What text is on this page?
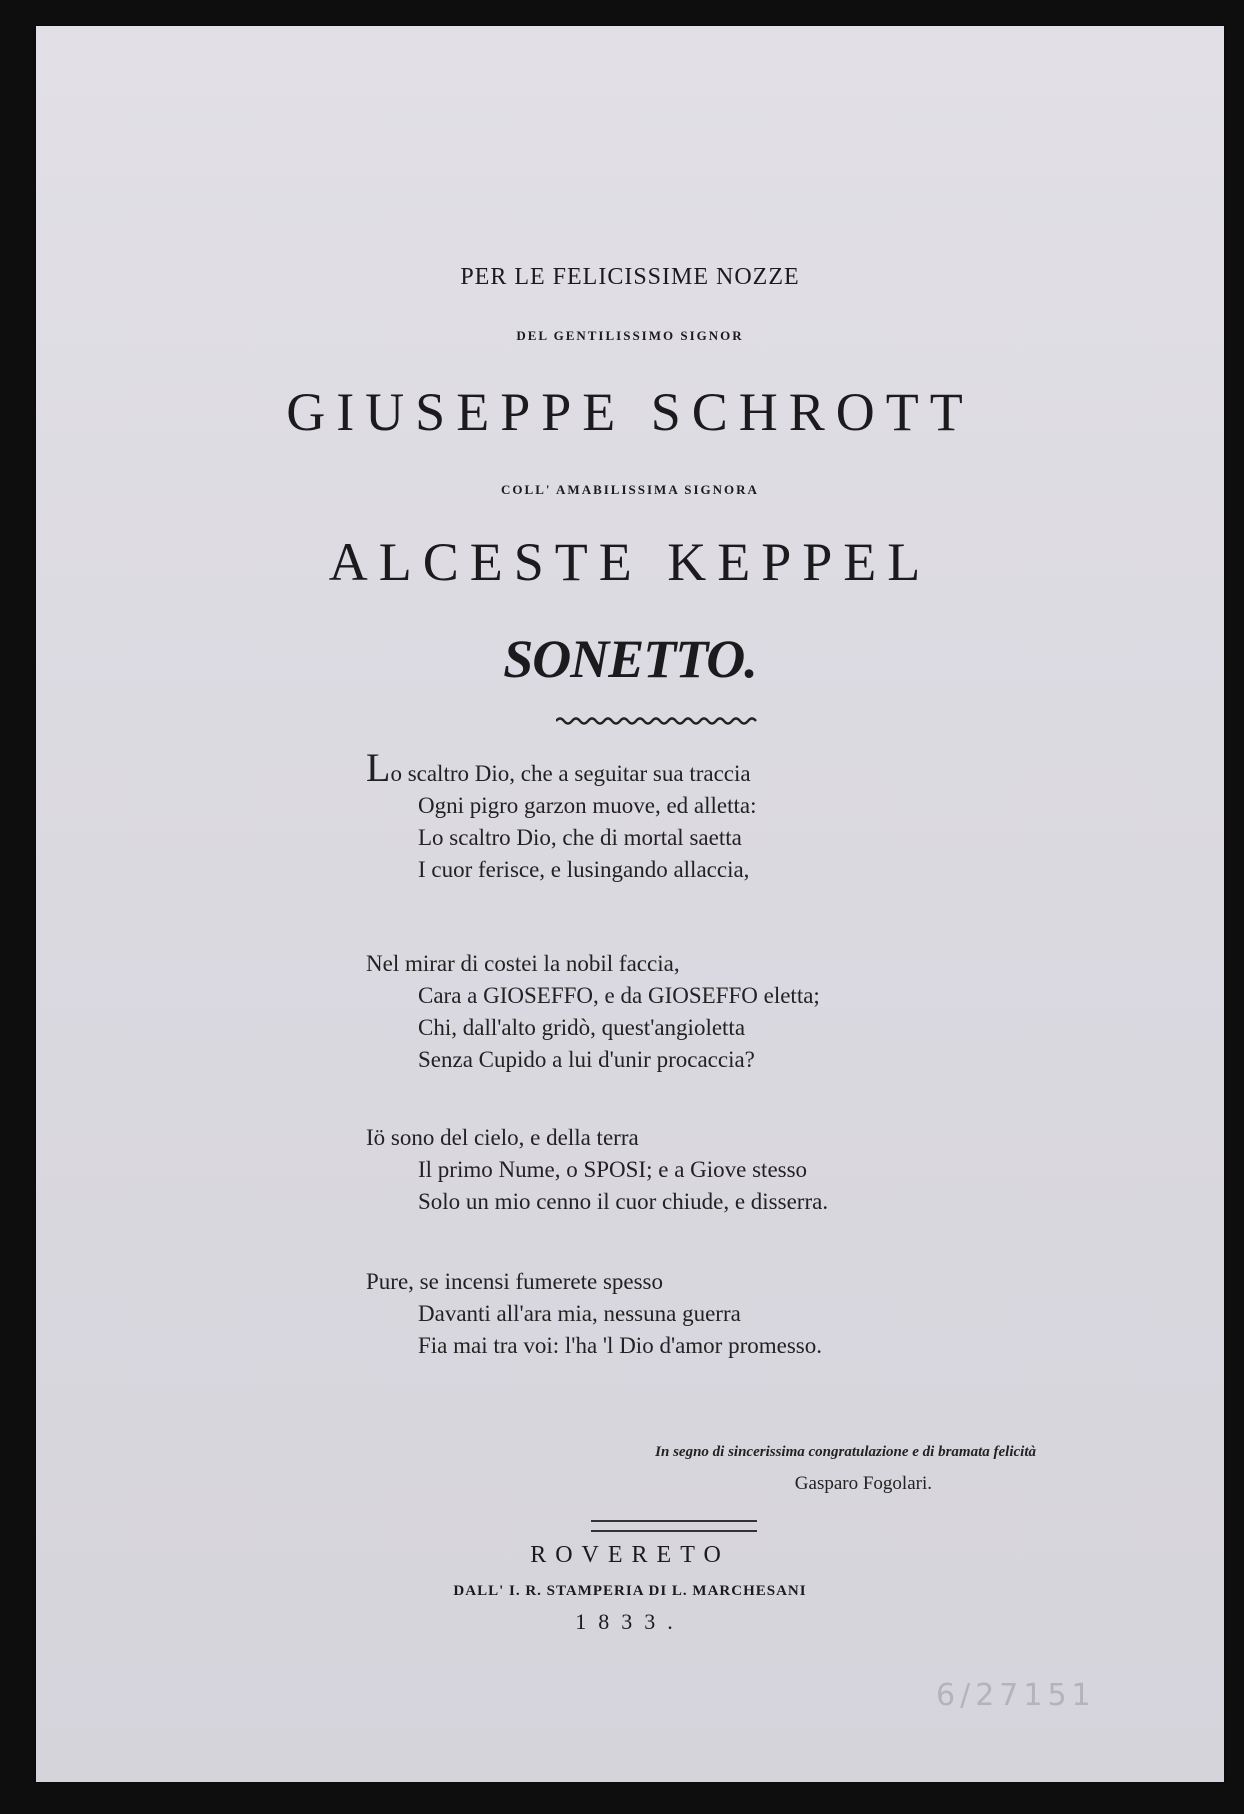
PER LE FELICISSIME NOZZE
DEL GENTILISSIMO SIGNOR
GIUSEPPE SCHROTT
COLL' AMABILISSIMA SIGNORA
ALCESTE KEPPEL
SONETTO.
Lo scaltro Dio, che a seguitar sua traccia
Ogni pigro garzon muove, ed alletta:
Lo scaltro Dio, che di mortal saetta
I cuor ferisce, e lusingando allaccia,
Nel mirar di costei la nobil faccia,
Cara a GIOSEFFO, e da GIOSEFFO eletta;
Chi, dall'alto gridò, quest'angioletta
Senza Cupido a lui d'unir procaccia?
Iö sono del cielo, e della terra
Il primo Nume, o SPOSI; e a Giove stesso
Solo un mio cenno il cuor chiude, e disserra.
Pure, se incensi fumerete spesso
Davanti all'ara mia, nessuna guerra
Fia mai tra voi: l'ha 'l Dio d'amor promesso.
In segno di sincerissima congratulazione e di bramata felicità
Gasparo Fogolari.
ROVERETO
DALL' I. R. STAMPERIA DI L. MARCHESANI
1833.
6/27151
